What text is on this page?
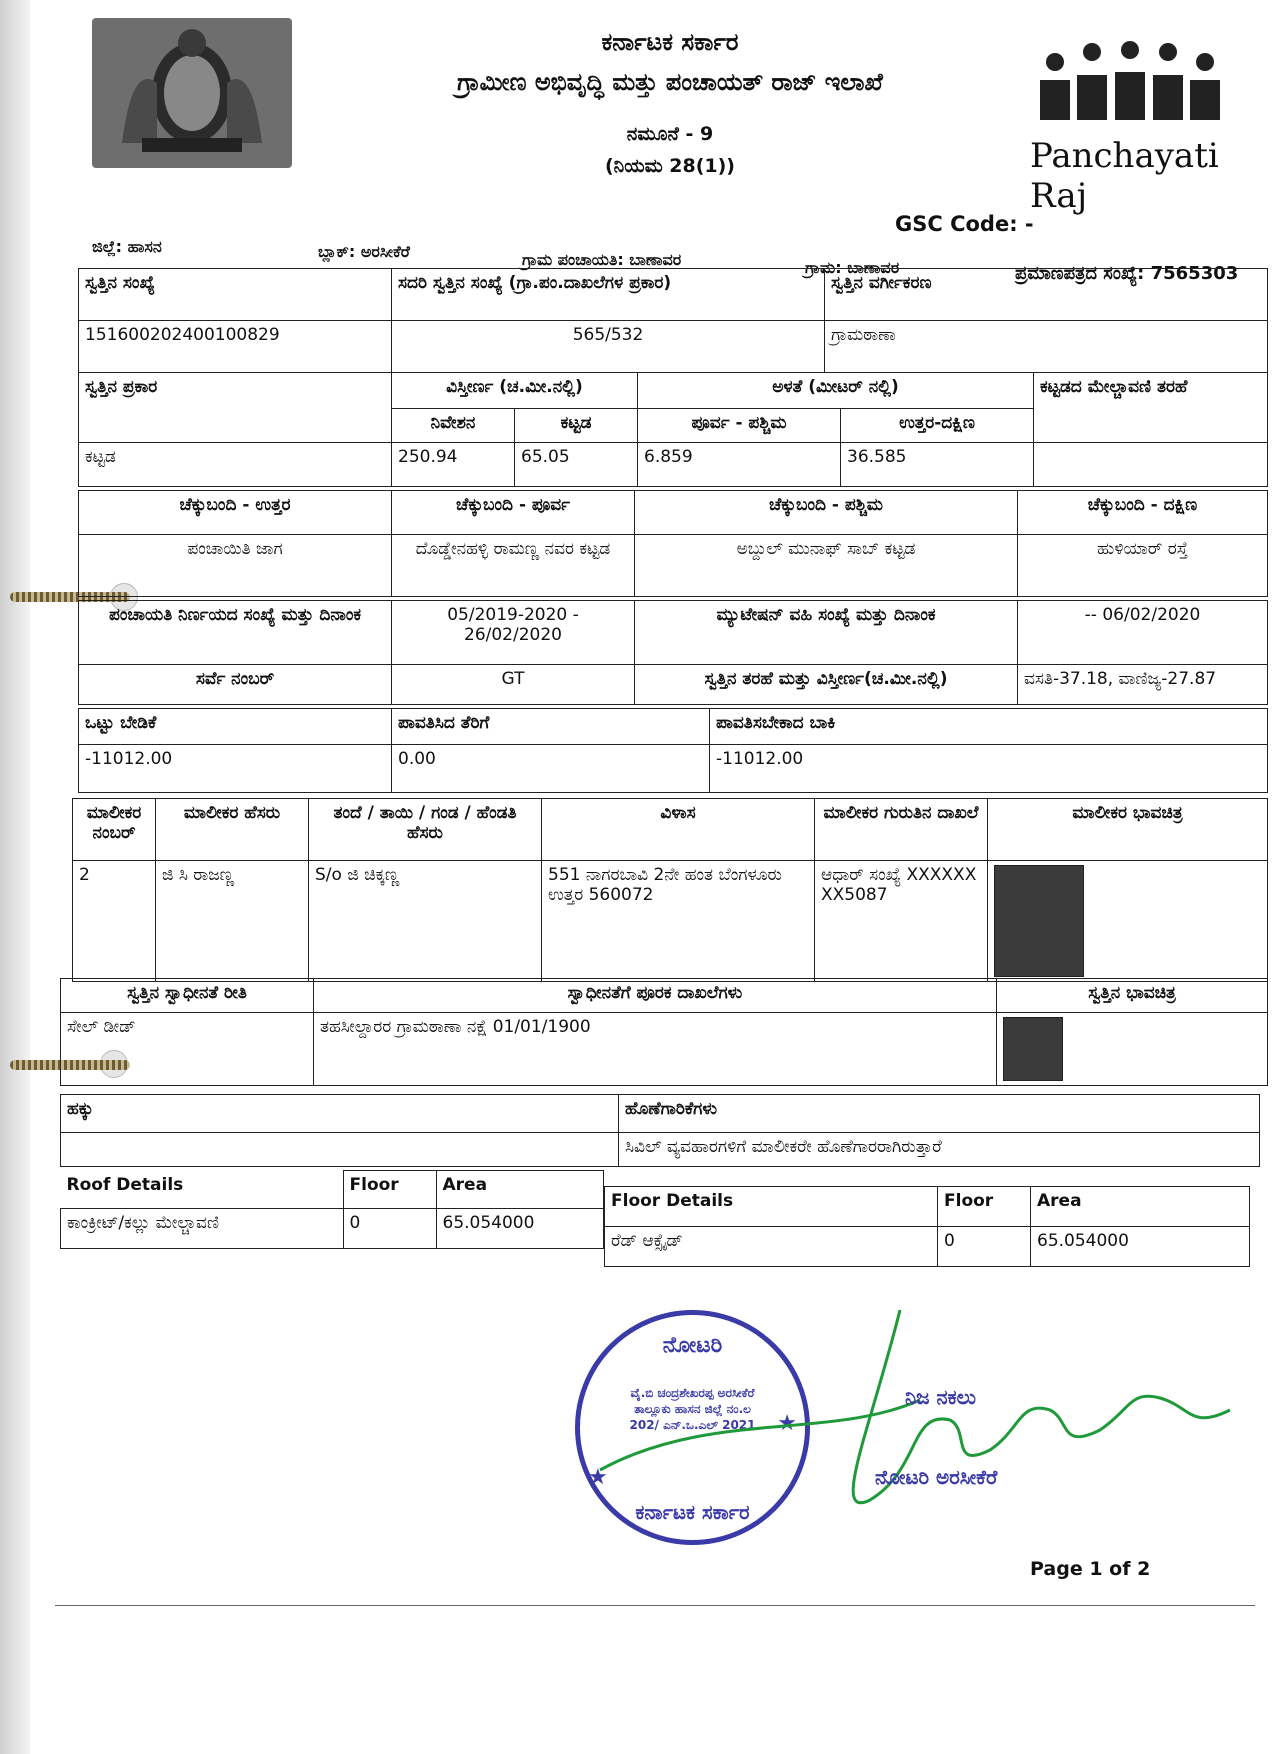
Panchayati Raj
ಕರ್ನಾಟಕ ಸರ್ಕಾರ
ಗ್ರಾಮೀಣ ಅಭಿವೃದ್ಧಿ ಮತ್ತು ಪಂಚಾಯತ್ ರಾಜ್ ಇಲಾಖೆ
ನಮೂನೆ - 9
(ನಿಯಮ 28(1))
GSC Code: -
ಜಿಲ್ಲೆ: ಹಾಸನ	ಬ್ಲಾಕ್: ಅರಸೀಕೆರೆ	ಗ್ರಾಮ ಪಂಚಾಯತಿ: ಬಾಣಾವರ	ಗ್ರಾಮ: ಬಾಣಾವರ	ಪ್ರಮಾಣಪತ್ರದ ಸಂಖ್ಯೆ: 7565303
ಸ್ವತ್ತಿನ ಸಂಖ್ಯೆ	ಸದರಿ ಸ್ವತ್ತಿನ ಸಂಖ್ಯೆ (ಗ್ರಾ.ಪಂ.ದಾಖಲೆಗಳ ಪ್ರಕಾರ)	ಸ್ವತ್ತಿನ ವರ್ಗೀಕರಣ
151600202400100829	565/532	ಗ್ರಾಮಠಾಣಾ
ಸ್ವತ್ತಿನ ಪ್ರಕಾರ	ವಿಸ್ತೀರ್ಣ (ಚ.ಮೀ.ನಲ್ಲಿ)		ಅಳತೆ (ಮೀಟರ್ ನಲ್ಲಿ)		ಕಟ್ಟಡದ ಮೇಲ್ಚಾವಣಿ ತರಹೆ
	ನಿವೇಶನ	ಕಟ್ಟಡ	ಪೂರ್ವ - ಪಶ್ಚಿಮ	ಉತ್ತರ-ದಕ್ಷಿಣ	
ಕಟ್ಟಡ	250.94	65.05	6.859	36.585	
ಚೆಕ್ಕುಬಂದಿ - ಉತ್ತರ	ಚೆಕ್ಕುಬಂದಿ - ಪೂರ್ವ	ಚೆಕ್ಕುಬಂದಿ - ಪಶ್ಚಿಮ	ಚೆಕ್ಕುಬಂದಿ - ದಕ್ಷಿಣ
ಪಂಚಾಯಿತಿ ಜಾಗ	ದೊಡ್ಡೇನಹಳ್ಳಿ ರಾಮಣ್ಣ ನವರ ಕಟ್ಟಡ	ಅಬ್ದುಲ್ ಮುನಾಫ್ ಸಾಬ್ ಕಟ್ಟಡ	ಹುಳಿಯಾರ್ ರಸ್ತೆ
ಪಂಚಾಯತಿ ನಿರ್ಣಯದ ಸಂಖ್ಯೆ ಮತ್ತು ದಿನಾಂಕ	05/2019-2020 - 26/02/2020	ಮ್ಯುಟೇಷನ್ ವಹಿ ಸಂಖ್ಯೆ ಮತ್ತು ದಿನಾಂಕ	-- 06/02/2020
ಸರ್ವೆ ನಂಬರ್	GT	ಸ್ವತ್ತಿನ ತರಹೆ ಮತ್ತು ವಿಸ್ತೀರ್ಣ(ಚ.ಮೀ.ನಲ್ಲಿ)	ವಸತಿ-37.18, ವಾಣಿಜ್ಯ-27.87
ಒಟ್ಟು ಬೇಡಿಕೆ	ಪಾವತಿಸಿದ ತೆರಿಗೆ	ಪಾವತಿಸಬೇಕಾದ ಬಾಕಿ
-11012.00	0.00	-11012.00
ಮಾಲೀಕರ ನಂಬರ್	ಮಾಲೀಕರ ಹೆಸರು	ತಂದೆ / ತಾಯಿ / ಗಂಡ / ಹೆಂಡತಿ ಹೆಸರು	ವಿಳಾಸ	ಮಾಲೀಕರ ಗುರುತಿನ ದಾಖಲೆ	ಮಾಲೀಕರ ಭಾವಚಿತ್ರ
2	ಜಿ ಸಿ ರಾಜಣ್ಣ	S/o ಜಿ ಚಿಕ್ಕಣ್ಣ	551 ನಾಗರಬಾವಿ 2ನೇ ಹಂತ ಬೆಂಗಳೂರು ಉತ್ತರ 560072	ಆಧಾರ್ ಸಂಖ್ಯೆ XXXXXXXX5087	
ಸ್ವತ್ತಿನ ಸ್ವಾಧೀನತೆ ರೀತಿ	ಸ್ವಾಧೀನತೆಗೆ ಪೂರಕ ದಾಖಲೆಗಳು	ಸ್ವತ್ತಿನ ಭಾವಚಿತ್ರ
ಸೇಲ್ ಡೀಡ್	ತಹಸೀಲ್ದಾರರ ಗ್ರಾಮಠಾಣಾ ನಕ್ಷೆ 01/01/1900	
ಹಕ್ಕು	ಹೊಣೆಗಾರಿಕೆಗಳು
	ಸಿವಿಲ್ ವ್ಯವಹಾರಗಳಿಗೆ ಮಾಲೀಕರೇ ಹೊಣೆಗಾರರಾಗಿರುತ್ತಾರೆ
Roof Details	Floor	Area
ಕಾಂಕ್ರೀಟ್/ಕಲ್ಲು ಮೇಲ್ಚಾವಣಿ	0	65.054000
Floor Details	Floor	Area
ರೆಡ್ ಆಕ್ಸೈಡ್	0	65.054000
ನೋಟರಿ
ವೈ.ಬಿ ಚಂದ್ರಶೇಖರಪ್ಪ ಅರಸೀಕೆರೆ ತಾಲ್ಲೂಕು ಹಾಸನ ಜಿಲ್ಲೆ ನಂ.ಲ 202/ ಎನ್.ಒ.ಎಲ್ 2021
ಕರ್ನಾಟಕ ಸರ್ಕಾರ
★
★
ನಿಜ ನಕಲು
ನೋಟರಿ ಅರಸೀಕೆರೆ
Page 1 of 2
